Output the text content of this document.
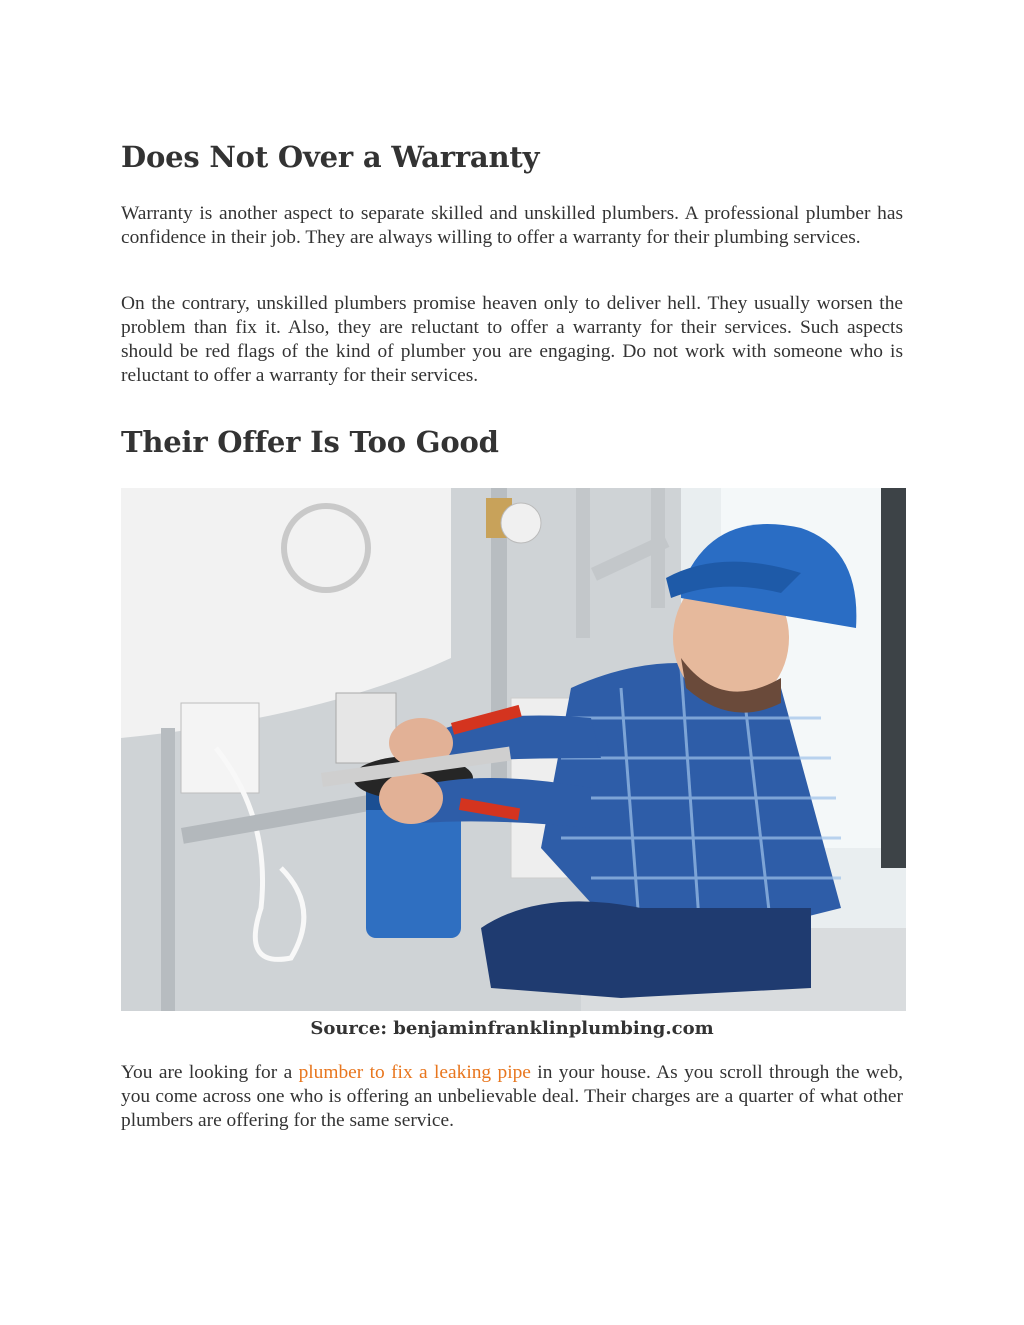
Does Not Over a Warranty

Warranty is another aspect to separate skilled and unskilled plumbers. A professional plumber has confidence in their job. They are always willing to offer a warranty for their plumbing services.

On the contrary, unskilled plumbers promise heaven only to deliver hell. They usually worsen the problem than fix it. Also, they are reluctant to offer a warranty for their services. Such aspects should be red flags of the kind of plumber you are engaging. Do not work with someone who is reluctant to offer a warranty for their services.

Their Offer Is Too Good
Source: benjaminfranklinplumbing.com

You are looking for a plumber to fix a leaking pipe in your house. As you scroll through the web, you come across one who is offering an unbelievable deal. Their charges are a quarter of what other plumbers are offering for the same service.
